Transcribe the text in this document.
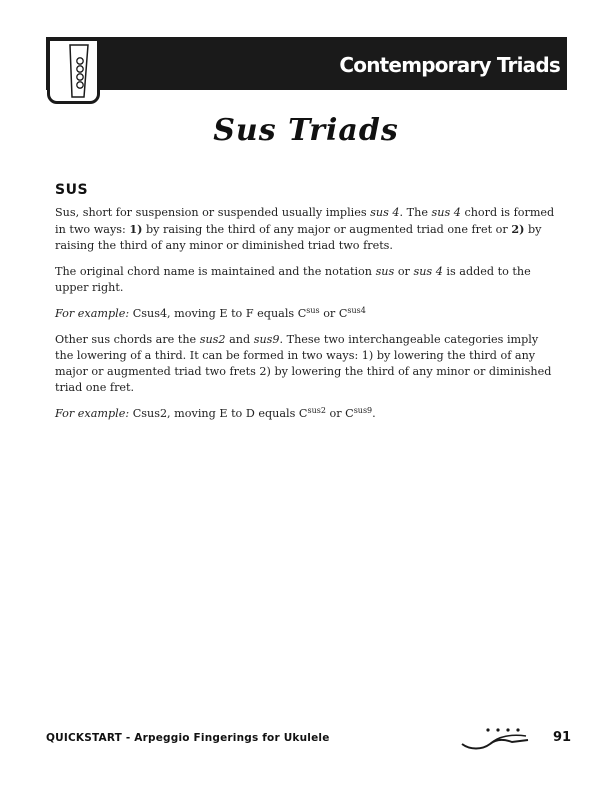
Contemporary Triads
Sus Triads
SUS

Sus, short for suspension or suspended usually implies sus 4. The sus 4 chord is formed in two ways: 1) by raising the third of any major or augmented triad one fret or 2) by raising the third of any minor or diminished triad two frets.

The original chord name is maintained and the notation sus or sus 4 is added to the upper right.

For example: Csus4, moving E to F equals $C^{sus}$ or $C^{sus4}$

Other sus chords are the sus2 and sus9. These two interchangeable categories imply the lowering of a third. It can be formed in two ways: 1) by lowering the third of any major or augmented triad two frets 2) by lowering the third of any minor or diminished triad one fret.

For example: Csus2, moving E to D equals $C^{sus2}$ or $C^{sus9}$.

QUICKSTART - Arpeggio Fingerings for Ukulele	91
